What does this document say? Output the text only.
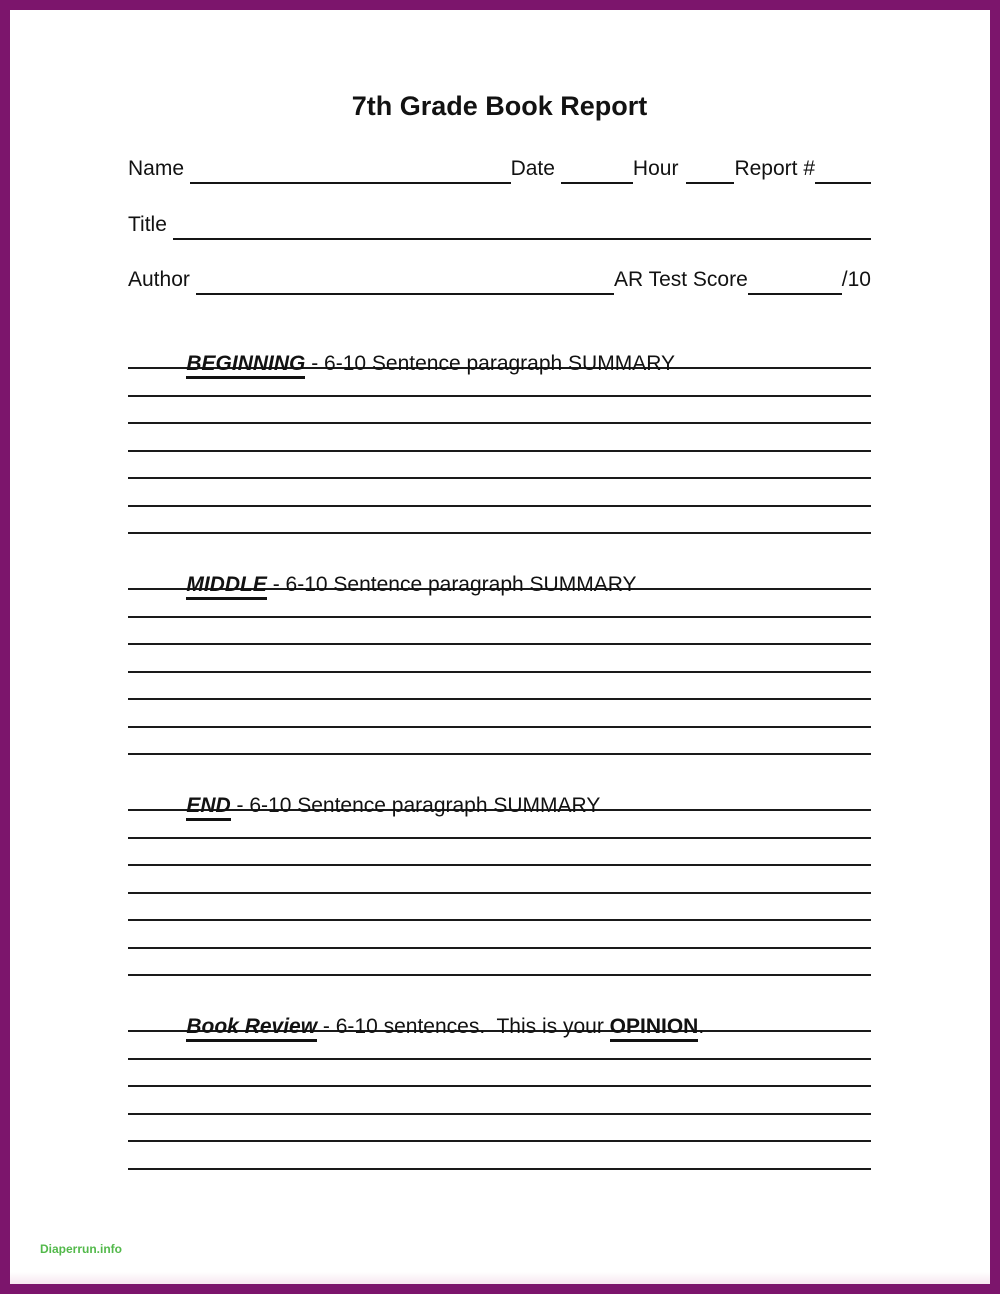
7th Grade Book Report
Name	Date	Hour	Report #
Title
Author	AR Test Score	/10

BEGINNING - 6-10 Sentence paragraph SUMMARY

MIDDLE - 6-10 Sentence paragraph SUMMARY

END - 6-10 Sentence paragraph SUMMARY

Book Review - 6-10 sentences.  This is your OPINION.

Diaperrun.info
